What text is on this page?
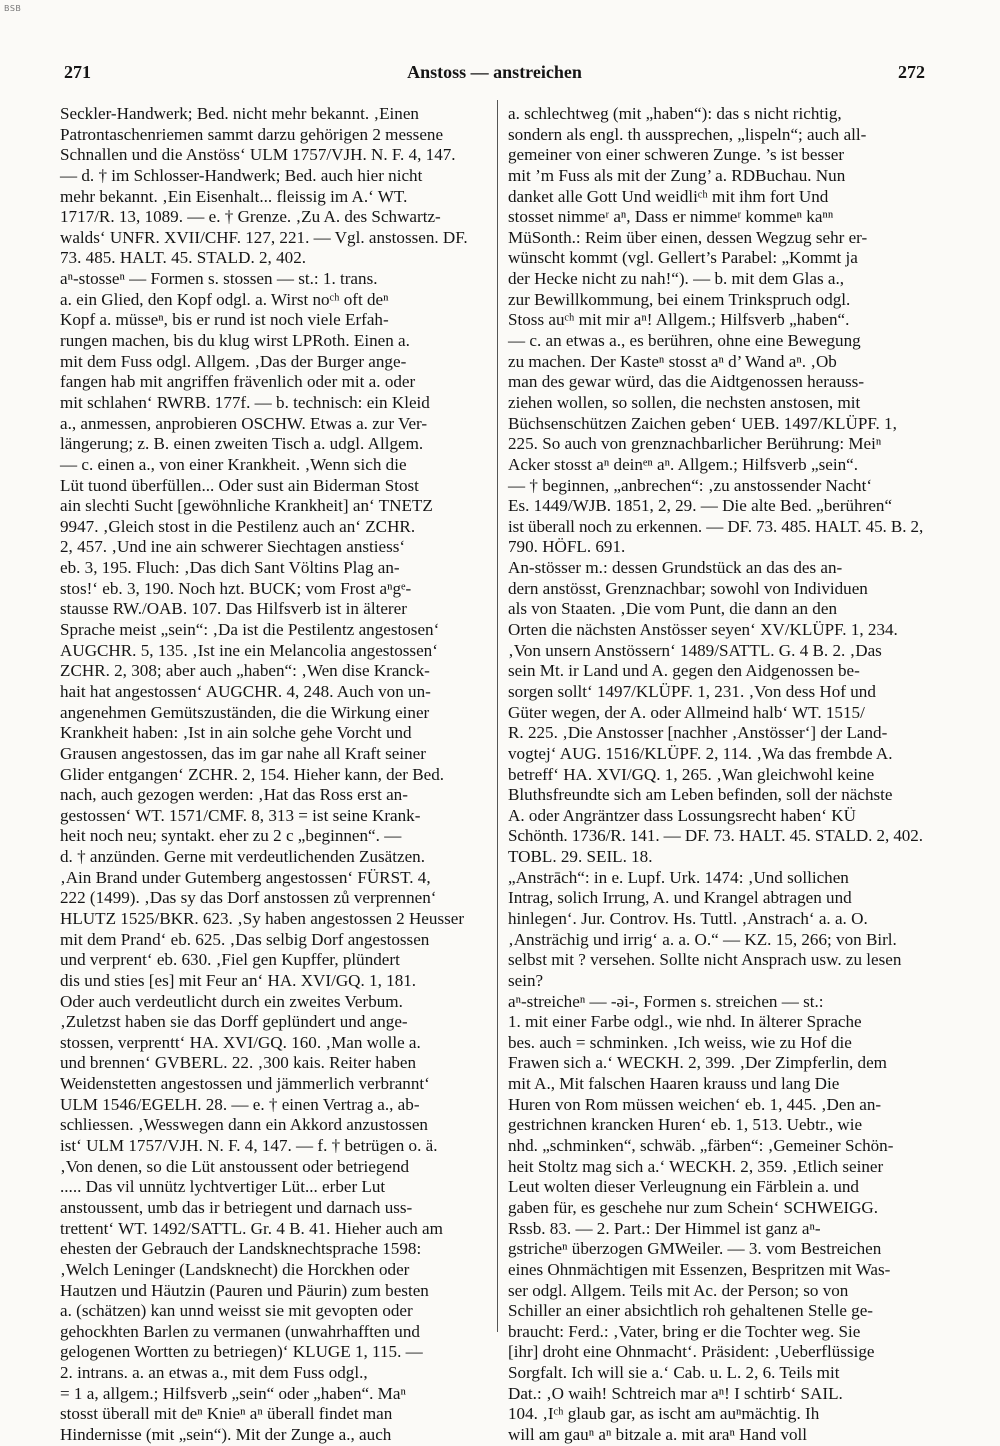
BSB
271	Anstoss — anstreichen	272
Seckler-Handwerk; Bed. nicht mehr bekannt. ‚Einen
Patrontaschenriemen sammt darzu gehörigen 2 messene
Schnallen und die Anstöss‘ ULM 1757/VJH. N. F. 4, 147.
— d. † im Schlosser-Handwerk; Bed. auch hier nicht
mehr bekannt. ‚Ein Eisenhalt... fleissig im A.‘ WT.
1717/R. 13, 1089. — e. † Grenze. ‚Zu A. des Schwartz-
walds‘ UNFR. XVII/CHF. 127, 221. — Vgl. anstossen. DF.
73. 485. HALT. 45. STALD. 2, 402.
aⁿ-stosseⁿ — Formen s. stossen — st.: 1. trans.
a. ein Glied, den Kopf odgl. a. Wirst noᶜʰ oft deⁿ
Kopf a. müsseⁿ, bis er rund ist noch viele Erfah-
rungen machen, bis du klug wirst LPRoth. Einen a.
mit dem Fuss odgl. Allgem. ‚Das der Burger ange-
fangen hab mit angriffen frävenlich oder mit a. oder
mit schlahen‘ RWRB. 177f. — b. technisch: ein Kleid
a., anmessen, anprobieren OSCHW. Etwas a. zur Ver-
längerung; z. B. einen zweiten Tisch a. udgl. Allgem.
— c. einen a., von einer Krankheit. ‚Wenn sich die
Lüt tuond überfüllen... Oder sust ain Biderman Stost
ain slechti Sucht [gewöhnliche Krankheit] an‘ TNETZ
9947. ‚Gleich stost in die Pestilenz auch an‘ ZCHR.
2, 457. ‚Und ine ain schwerer Siechtagen anstiess‘
eb. 3, 195. Fluch: ‚Das dich Sant Völtins Plag an-
stos!‘ eb. 3, 190. Noch hzt. BUCK; vom Frost aⁿgᵉ-
stausse RW./OAB. 107. Das Hilfsverb ist in älterer
Sprache meist „sein“: ‚Da ist die Pestilentz angestosen‘
AUGCHR. 5, 135. ‚Ist ine ein Melancolia angestossen‘
ZCHR. 2, 308; aber auch „haben“: ‚Wen dise Kranck-
hait hat angestossen‘ AUGCHR. 4, 248. Auch von un-
angenehmen Gemütszuständen, die die Wirkung einer
Krankheit haben: ‚Ist in ain solche gehe Vorcht und
Grausen angestossen, das im gar nahe all Kraft seiner
Glider entgangen‘ ZCHR. 2, 154. Hieher kann, der Bed.
nach, auch gezogen werden: ‚Hat das Ross erst an-
gestossen‘ WT. 1571/CMF. 8, 313 = ist seine Krank-
heit noch neu; syntakt. eher zu 2 c „beginnen“. —
d. † anzünden. Gerne mit verdeutlichenden Zusätzen.
‚Ain Brand under Gutemberg angestossen‘ FÜRST. 4,
222 (1499). ‚Das sy das Dorf anstossen zů verprennen‘
HLUTZ 1525/BKR. 623. ‚Sy haben angestossen 2 Heusser
mit dem Prand‘ eb. 625. ‚Das selbig Dorf angestossen
und verprent‘ eb. 630. ‚Fiel gen Kupffer, plündert
dis und sties [es] mit Feur an‘ HA. XVI/GQ. 1, 181.
Oder auch verdeutlicht durch ein zweites Verbum.
‚Zuletzst haben sie das Dorff geplündert und ange-
stossen, verprentt‘ HA. XVI/GQ. 160. ‚Man wolle a.
und brennen‘ GVBERL. 22. ‚300 kais. Reiter haben
Weidenstetten angestossen und jämmerlich verbrannt‘
ULM 1546/EGELH. 28. — e. † einen Vertrag a., ab-
schliessen. ‚Wesswegen dann ein Akkord anzustossen
ist‘ ULM 1757/VJH. N. F. 4, 147. — f. † betrügen o. ä.
‚Von denen, so die Lüt anstoussent oder betriegend
..... Das vil unnütz lychtvertiger Lüt... erber Lut
anstoussent, umb das ir betriegent und darnach uss-
trettent‘ WT. 1492/SATTL. Gr. 4 B. 41. Hieher auch am
ehesten der Gebrauch der Landsknechtsprache 1598:
‚Welch Leninger (Landsknecht) die Horckhen oder
Hautzen und Häutzin (Pauren und Päurin) zum besten
a. (schätzen) kan unnd weisst sie mit gevopten oder
gehockhten Barlen zu vermanen (unwahrhafften und
gelogenen Wortten zu betriegen)‘ KLUGE 1, 115. —
2. intrans. a. an etwas a., mit dem Fuss odgl.,
= 1 a, allgem.; Hilfsverb „sein“ oder „haben“. Maⁿ
stosst überall mit deⁿ Knieⁿ aⁿ überall findet man
Hindernisse (mit „sein“). Mit der Zunge a., auch
a. schlechtweg (mit „haben“): das s nicht richtig,
sondern als engl. th aussprechen, „lispeln“; auch all-
gemeiner von einer schweren Zunge. ’s ist besser
mit ’m Fuss als mit der Zung’ a. RDBuchau. Nun
danket alle Gott Und weidliᶜʰ mit ihm fort Und
stosset nimmeʳ aⁿ, Dass er nimmeʳ kommeⁿ kaⁿⁿ
MüSonth.: Reim über einen, dessen Wegzug sehr er-
wünscht kommt (vgl. Gellert’s Parabel: „Kommt ja
der Hecke nicht zu nah!“). — b. mit dem Glas a.,
zur Bewillkommung, bei einem Trinkspruch odgl.
Stoss auᶜʰ mit mir aⁿ! Allgem.; Hilfsverb „haben“.
— c. an etwas a., es berühren, ohne eine Bewegung
zu machen. Der Kasteⁿ stosst aⁿ d’ Wand aⁿ. ‚Ob
man des gewar würd, das die Aidtgenossen herauss-
ziehen wollen, so sollen, die nechsten anstosen, mit
Büchsenschützen Zaichen geben‘ UEB. 1497/KLÜPF. 1,
225. So auch von grenznachbarlicher Berührung: Meiⁿ
Acker stosst aⁿ deinᵉⁿ aⁿ. Allgem.; Hilfsverb „sein“.
— † beginnen, „anbrechen“: ‚zu anstossender Nacht‘
Es. 1449/WJB. 1851, 2, 29. — Die alte Bed. „berühren“
ist überall noch zu erkennen. — DF. 73. 485. HALT. 45. B. 2,
790. HÖFL. 691.
An-stösser m.: dessen Grundstück an das des an-
dern anstösst, Grenznachbar; sowohl von Individuen
als von Staaten. ‚Die vom Punt, die dann an den
Orten die nächsten Anstösser seyen‘ XV/KLÜPF. 1, 234.
‚Von unsern Anstössern‘ 1489/SATTL. G. 4 B. 2. ‚Das
sein Mt. ir Land und A. gegen den Aidgenossen be-
sorgen sollt‘ 1497/KLÜPF. 1, 231. ‚Von dess Hof und
Güter wegen, der A. oder Allmeind halb‘ WT. 1515/
R. 225. ‚Die Anstosser [nachher ‚Anstösser‘] der Land-
vogtej‘ AUG. 1516/KLÜPF. 2, 114. ‚Wa das frembde A.
betreff‘ HA. XVI/GQ. 1, 265. ‚Wan gleichwohl keine
Bluthsfreundte sich am Leben befinden, soll der nächste
A. oder Angräntzer dass Lossungsrecht haben‘ KÜ
Schönth. 1736/R. 141. — DF. 73. HALT. 45. STALD. 2, 402.
TOBL. 29. SEIL. 18.
„Anstrāch“: in e. Lupf. Urk. 1474: ‚Und sollichen
Intrag, solich Irrung, A. und Krangel abtragen und
hinlegen‘. Jur. Controv. Hs. Tuttl. ‚Anstrach‘ a. a. O.
‚Ansträchig und irrig‘ a. a. O.“ — KZ. 15, 266; von Birl.
selbst mit ? versehen. Sollte nicht Ansprach usw. zu lesen
sein?
aⁿ-streicheⁿ — -əi-, Formen s. streichen — st.:
1. mit einer Farbe odgl., wie nhd. In älterer Sprache
bes. auch = schminken. ‚Ich weiss, wie zu Hof die
Frawen sich a.‘ WECKH. 2, 399. ‚Der Zimpferlin, dem
mit A., Mit falschen Haaren krauss und lang Die
Huren von Rom müssen weichen‘ eb. 1, 445. ‚Den an-
gestrichnen krancken Huren‘ eb. 1, 513. Uebtr., wie
nhd. „schminken“, schwäb. „färben“: ‚Gemeiner Schön-
heit Stoltz mag sich a.‘ WECKH. 2, 359. ‚Etlich seiner
Leut wolten dieser Verleugnung ein Färblein a. und
gaben für, es geschehe nur zum Schein‘ SCHWEIGG.
Rssb. 83. — 2. Part.: Der Himmel ist ganz aⁿ-
gstricheⁿ überzogen GMWeiler. — 3. vom Bestreichen
eines Ohnmächtigen mit Essenzen, Bespritzen mit Was-
ser odgl. Allgem. Teils mit Ac. der Person; so von
Schiller an einer absichtlich roh gehaltenen Stelle ge-
braucht: Ferd.: ‚Vater, bring er die Tochter weg. Sie
[ihr] droht eine Ohnmacht‘. Präsident: ‚Ueberflüssige
Sorgfalt. Ich will sie a.‘ Cab. u. L. 2, 6. Teils mit
Dat.: ‚O waih! Schtreich mar aⁿ! I schtirb‘ SAIL.
104. ‚Iᶜʰ glaub gar, as ischt am auⁿmächtig. Ih
will am gauⁿ aⁿ bitzale a. mit araⁿ Hand voll
